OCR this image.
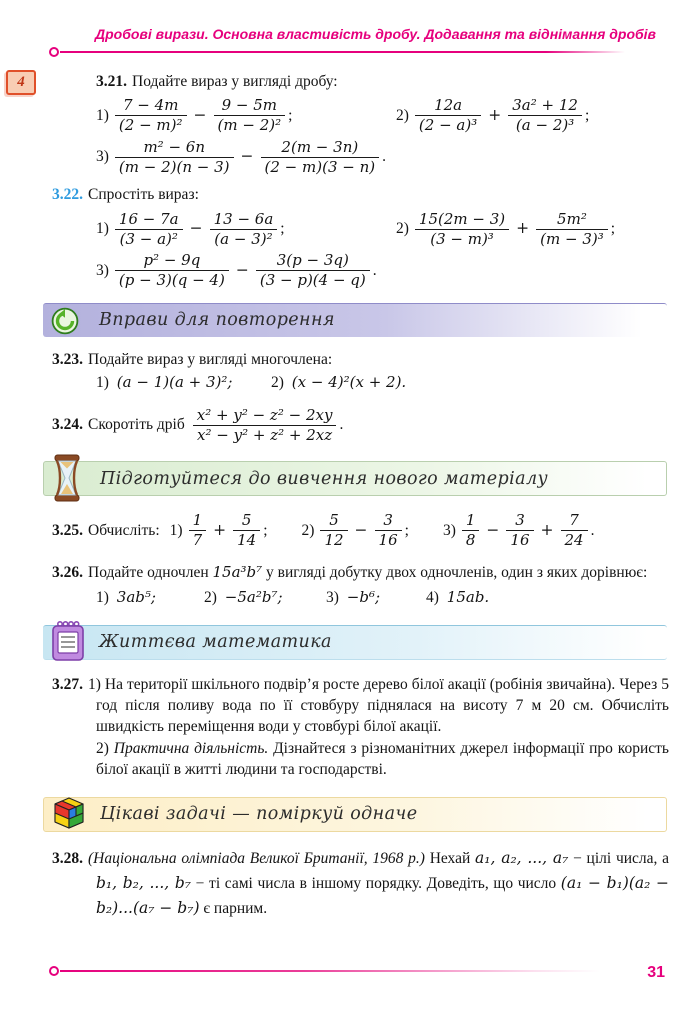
Дробові вирази. Основна властивість дробу. Додавання та віднімання дробів
4	3.21. Подайте вираз у вигляді дробу:
$1) \frac{7 - 4m}{\text{(2 − m)²}} - \frac{9 - 5m}{\text{(m − 2)²}}$ ;	$2) \frac{12a}{\text{(2 − a)³}} + \frac{\text{3a² + 12}}{\text{(a − 2)³}}$ ;
$3) \frac{\text{m² − 6n}}{(m - 2)(n - 3)} - \frac{2(m - 3n)}{(2 - m)(3 - n)}$ .
3.22. Спростіть вираз:
$1) \frac{16 - 7a}{\text{(3 − a)²}} - \frac{13 - 6a}{\text{(a − 3)²}}$ ;	$2) \frac{15(2m - 3)}{\text{(3 − m)³}} + \frac{\text{5m²}}{\text{(m − 3)³}}$ ;
$3) \frac{\text{p² − 9q}}{(p - 3)(q - 4)} - \frac{3(p - 3q)}{(3 - p)(4 - q)}$ .
Вправи для повторення
3.23. Подайте вираз у вигляді многочлена:
1) (a − 1)(a + 3)²;	2) (x − 4)²(x + 2).
3.24. Скоротіть дріб $\frac{\text{x² + y² − z² − 2xy}}{\text{x² − y² + z² + 2xz}}$ .
Підготуйтеся до вивчення нового матеріалу
3.25. Обчисліть: $1) \frac{1}{7} + \frac{5}{14}$ ; $2) \frac{5}{12} - \frac{3}{16}$ ; $3) \frac{1}{8} - \frac{3}{16} + \frac{7}{24}$ .
3.26. Подайте одночлен 15a³b⁷ у вигляді добутку двох одночленів, один з яких дорівнює:
1) 3ab⁵;	2) −5a²b⁷;	3) −b⁶;	4) 15ab.
Життєва математика
3.27. 1) На території шкільного подвір’я росте дерево білої акації (робінія звичайна). Через 5 год після поливу вода по її стовбуру піднялася на висоту 7 м 20 см. Обчисліть швидкість переміщення води у стовбурі білої акації.
2) Практична діяльність. Дізнайтеся з різноманітних джерел інформації про користь білої акації в житті людини та господарстві.
Цікаві задачі — поміркуй одначе
3.28. (Національна олімпіада Великої Британії, 1968 р.) Нехай a₁, a₂, ..., a₇ − цілі числа, а b₁, b₂, ..., b₇ − ті самі числа в іншому порядку. Доведіть, що число (a₁ − b₁)(a₂ − b₂)...(a₇ − b₇) є парним.
31
